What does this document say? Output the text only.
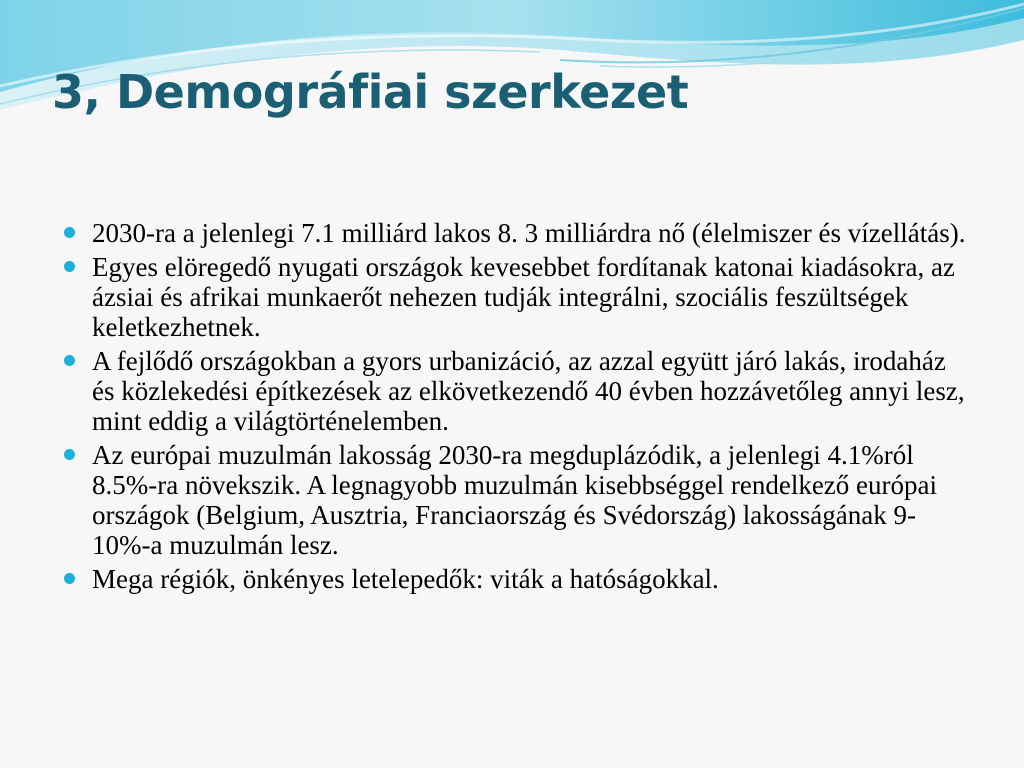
3, Demográfiai szerkezet
2030-ra a jelenlegi 7.1 milliárd lakos 8. 3 milliárdra nő (élelmiszer és vízellátás).
Egyes elöregedő nyugati országok kevesebbet fordítanak katonai kiadásokra, az ázsiai és afrikai munkaerőt nehezen tudják integrálni, szociális feszültségek keletkezhetnek.
A fejlődő országokban a gyors urbanizáció, az azzal együtt járó lakás, irodaház és közlekedési építkezések az elkövetkezendő 40 évben hozzávetőleg annyi lesz, mint eddig a világtörténelemben.
Az európai muzulmán lakosság 2030-ra megduplázódik, a jelenlegi 4.1%ról 8.5%-ra növekszik. A legnagyobb muzulmán kisebbséggel rendelkező európai országok (Belgium, Ausztria, Franciaország és Svédország) lakosságának 9-10%-a muzulmán lesz.
Mega régiók, önkényes letelepedők: viták a hatóságokkal.
